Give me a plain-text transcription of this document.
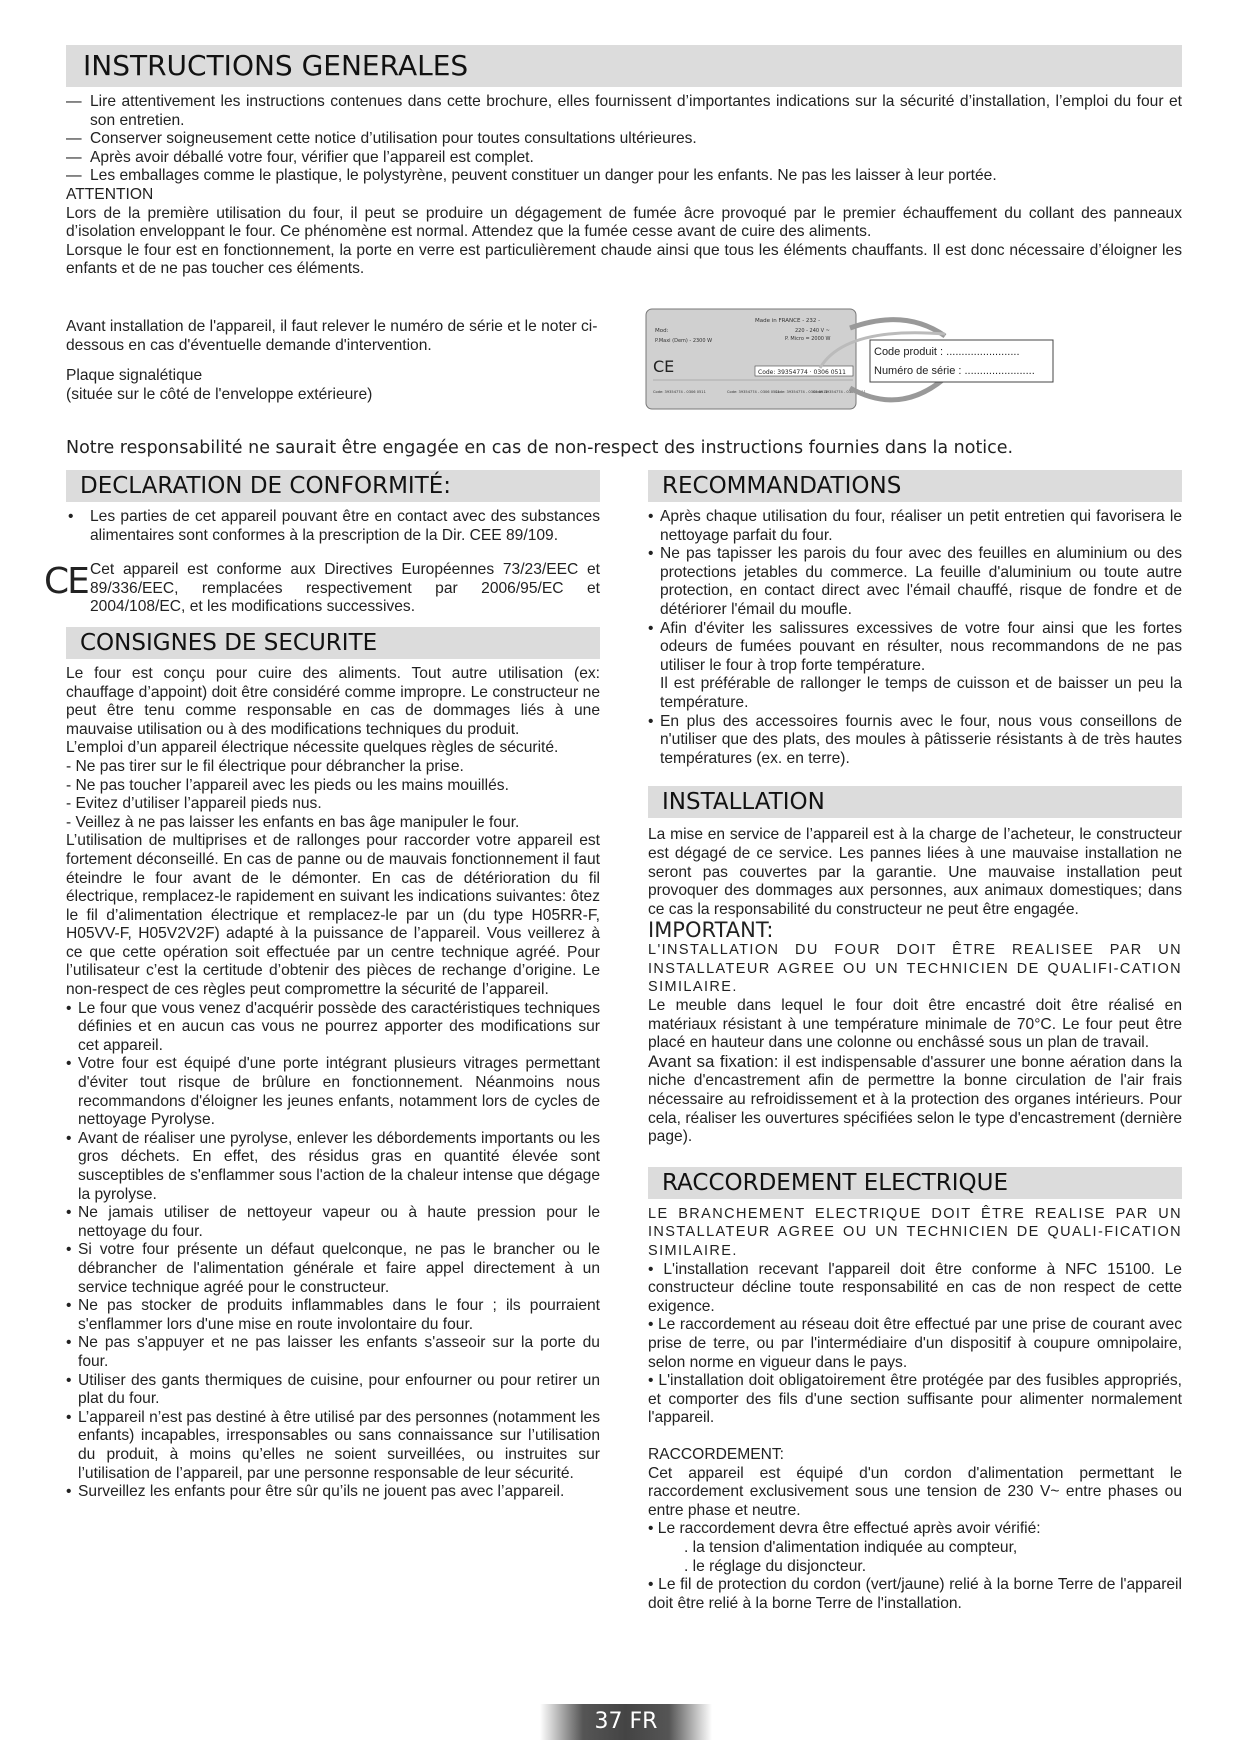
INSTRUCTIONS GENERALES
— Lire attentivement les instructions contenues dans cette brochure, elles fournissent d’importantes indications sur la sécurité d’installation, l’emploi du four et son entretien.
— Conserver soigneusement cette notice d’utilisation pour toutes consultations ultérieures.
— Après avoir déballé votre four, vérifier que l’appareil est complet.
— Les emballages comme le plastique, le polystyrène, peuvent constituer un danger pour les enfants. Ne pas les laisser à leur portée.
ATTENTION
Lors de la première utilisation du four, il peut se produire un dégagement de fumée âcre provoqué par le premier échauffement du collant des panneaux d’isolation enveloppant le four. Ce phénomène est normal. Attendez que la fumée cesse avant de cuire des aliments.
Lorsque le four est en fonctionnement, la porte en verre est particulièrement chaude ainsi que tous les éléments chauffants. Il est donc nécessaire d’éloigner les enfants et de ne pas toucher ces éléments.
Avant installation de l'appareil, il faut relever le numéro de série et le noter ci-dessous en cas d'éventuelle demande d'intervention.
Plaque signalétique
(située sur le côté de l'enveloppe extérieure)
Made in FRANCE - 232 -
Mod:	220 - 240 V ~
P.Maxi (Dem) - 2300 W	P. Micro = 2000 W
CE	Code: 39354774 · 0306 0511
Code: 39354774 - 0306 0511	Code: 39354774 - 0306 0511
Code: 39354774 - 0306 0511
Code: 39354774 - 0306 0511
Code produit : ........................
Numéro de série : .......................
Notre responsabilité ne saurait être engagée en cas de non-respect des instructions fournies dans la notice.
DECLARATION DE CONFORMITÉ:
• Les parties de cet appareil pouvant être en contact avec des substances alimentaires sont conformes à la prescription de la Dir. CEE 89/109.
CE Cet appareil est conforme aux Directives Européennes 73/23/EEC et 89/336/EEC, remplacées respectivement par 2006/95/EC et 2004/108/EC, et les modifications successives.
CONSIGNES DE SECURITE
Le four est conçu pour cuire des aliments. Tout autre utilisation (ex: chauffage d’appoint) doit être considéré comme impropre. Le constructeur ne peut être tenu comme responsable en cas de dommages liés à une mauvaise utilisation ou à des modifications techniques du produit.
L’emploi d’un appareil électrique nécessite quelques règles de sécurité.
- Ne pas tirer sur le fil électrique pour débrancher la prise.
- Ne pas toucher l’appareil avec les pieds ou les mains mouillés.
- Evitez d’utiliser l’appareil pieds nus.
- Veillez à ne pas laisser les enfants en bas âge manipuler le four.
L’utilisation de multiprises et de rallonges pour raccorder votre appareil est fortement déconseillé. En cas de panne ou de mauvais fonctionnement il faut éteindre le four avant de le démonter. En cas de détérioration du fil électrique, remplacez-le rapidement en suivant les indications suivantes: ôtez le fil d’alimentation électrique et remplacez-le par un (du type H05RR-F, H05VV-F, H05V2V2F) adapté à la puissance de l’appareil. Vous veillerez à ce que cette opération soit effectuée par un centre technique agréé. Pour l’utilisateur c’est la certitude d’obtenir des pièces de rechange d’origine. Le non-respect de ces règles peut compromettre la sécurité de l’appareil.
• Le four que vous venez d'acquérir possède des caractéristiques techniques définies et en aucun cas vous ne pourrez apporter des modifications sur cet appareil.
• Votre four est équipé d'une porte intégrant plusieurs vitrages permettant d'éviter tout risque de brûlure en fonctionnement. Néanmoins nous recommandons d'éloigner les jeunes enfants, notamment lors de cycles de nettoyage Pyrolyse.
• Avant de réaliser une pyrolyse, enlever les débordements importants ou les gros déchets. En effet, des résidus gras en quantité élevée sont susceptibles de s'enflammer sous l'action de la chaleur intense que dégage la pyrolyse.
• Ne jamais utiliser de nettoyeur vapeur ou à haute pression pour le nettoyage du four.
• Si votre four présente un défaut quelconque, ne pas le brancher ou le débrancher de l'alimentation générale et faire appel directement à un service technique agréé pour le constructeur.
• Ne pas stocker de produits inflammables dans le four ; ils pourraient s'enflammer lors d'une mise en route involontaire du four.
• Ne pas s'appuyer et ne pas laisser les enfants s'asseoir sur la porte du four.
• Utiliser des gants thermiques de cuisine, pour enfourner ou pour retirer un plat du four.
• L’appareil n’est pas destiné à être utilisé par des personnes (notamment les enfants) incapables, irresponsables ou sans connaissance sur l’utilisation du produit, à moins qu’elles ne soient surveillées, ou instruites sur l’utilisation de l’appareil, par une personne responsable de leur sécurité.
• Surveillez les enfants pour être sûr qu’ils ne jouent pas avec l’appareil.
RECOMMANDATIONS
• Après chaque utilisation du four, réaliser un petit entretien qui favorisera le nettoyage parfait du four.
• Ne pas tapisser les parois du four avec des feuilles en aluminium ou des protections jetables du commerce. La feuille d'aluminium ou toute autre protection, en contact direct avec l'émail chauffé, risque de fondre et de détériorer l'émail du moufle.
• Afin d'éviter les salissures excessives de votre four ainsi que les fortes odeurs de fumées pouvant en résulter, nous recommandons de ne pas utiliser le four à trop forte température.
Il est préférable de rallonger le temps de cuisson et de baisser un peu la température.
• En plus des accessoires fournis avec le four, nous vous conseillons de n'utiliser que des plats, des moules à pâtisserie résistants à de très hautes températures (ex. en terre).
INSTALLATION
La mise en service de l’appareil est à la charge de l’acheteur, le constructeur est dégagé de ce service. Les pannes liées à une mauvaise installation ne seront pas couvertes par la garantie. Une mauvaise installation peut provoquer des dommages aux personnes, aux animaux domestiques; dans ce cas la responsabilité du constructeur ne peut être engagée.
IMPORTANT:
L'INSTALLATION DU FOUR DOIT ÊTRE REALISEE PAR UN INSTALLATEUR AGREE OU UN TECHNICIEN DE QUALIFI-CATION SIMILAIRE.
Le meuble dans lequel le four doit être encastré doit être réalisé en matériaux résistant à une température minimale de 70°C. Le four peut être placé en hauteur dans une colonne ou enchâssé sous un plan de travail.
Avant sa fixation: il est indispensable d'assurer une bonne aération dans la niche d'encastrement afin de permettre la bonne circulation de l'air frais nécessaire au refroidissement et à la protection des organes intérieurs. Pour cela, réaliser les ouvertures spécifiées selon le type d'encastrement (dernière page).
RACCORDEMENT ELECTRIQUE
LE BRANCHEMENT ELECTRIQUE DOIT ÊTRE REALISE PAR UN INSTALLATEUR AGREE OU UN TECHNICIEN DE QUALI-FICATION SIMILAIRE.
• L'installation recevant l'appareil doit être conforme à NFC 15100. Le constructeur décline toute responsabilité en cas de non respect de cette exigence.
• Le raccordement au réseau doit être effectué par une prise de courant avec prise de terre, ou par l'intermédiaire d'un dispositif à coupure omnipolaire, selon norme en vigueur dans le pays.
• L'installation doit obligatoirement être protégée par des fusibles appropriés, et comporter des fils d'une section suffisante pour alimenter normalement l'appareil.
RACCORDEMENT:
Cet appareil est équipé d'un cordon d'alimentation permettant le raccordement exclusivement sous une tension de 230 V~ entre phases ou entre phase et neutre.
• Le raccordement devra être effectué après avoir vérifié:
. la tension d'alimentation indiquée au compteur,
. le réglage du disjoncteur.
• Le fil de protection du cordon (vert/jaune) relié à la borne Terre de l'appareil doit être relié à la borne Terre de l'installation.
37 FR
